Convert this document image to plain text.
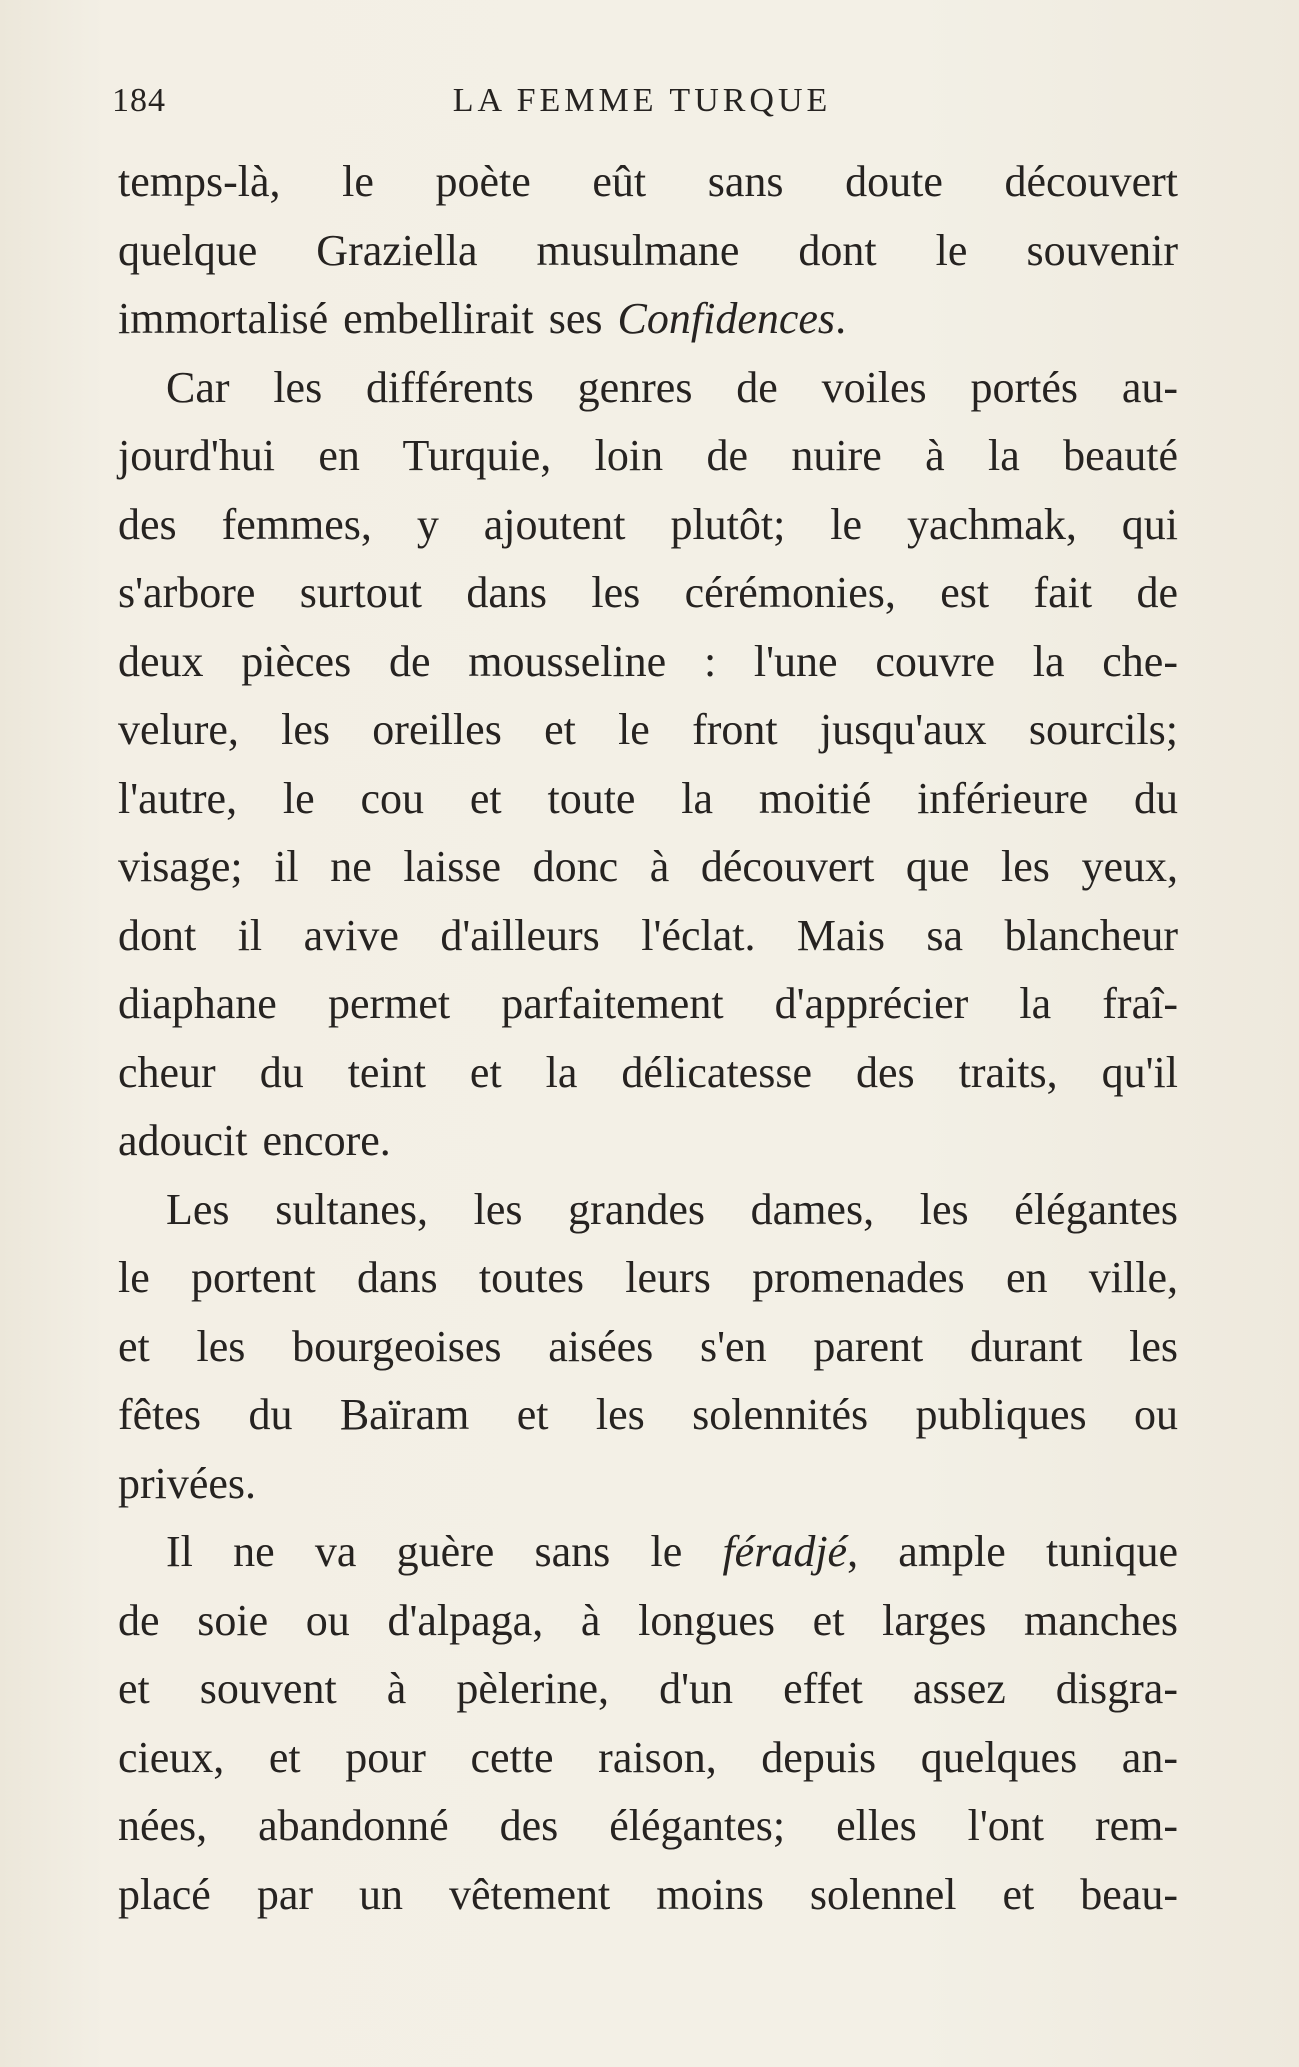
184	LA FEMME TURQUE
temps-là, le poète eût sans doute découvert
quelque Graziella musulmane dont le souvenir
immortalisé embellirait ses Confidences.
Car les différents genres de voiles portés au-
jourd'hui en Turquie, loin de nuire à la beauté
des femmes, y ajoutent plutôt; le yachmak, qui
s'arbore surtout dans les cérémonies, est fait de
deux pièces de mousseline : l'une couvre la che-
velure, les oreilles et le front jusqu'aux sourcils;
l'autre, le cou et toute la moitié inférieure du
visage; il ne laisse donc à découvert que les yeux,
dont il avive d'ailleurs l'éclat. Mais sa blancheur
diaphane permet parfaitement d'apprécier la fraî-
cheur du teint et la délicatesse des traits, qu'il
adoucit encore.
Les sultanes, les grandes dames, les élégantes
le portent dans toutes leurs promenades en ville,
et les bourgeoises aisées s'en parent durant les
fêtes du Baïram et les solennités publiques ou
privées.
Il ne va guère sans le féradjé, ample tunique
de soie ou d'alpaga, à longues et larges manches
et souvent à pèlerine, d'un effet assez disgra-
cieux, et pour cette raison, depuis quelques an-
nées, abandonné des élégantes; elles l'ont rem-
placé par un vêtement moins solennel et beau-
